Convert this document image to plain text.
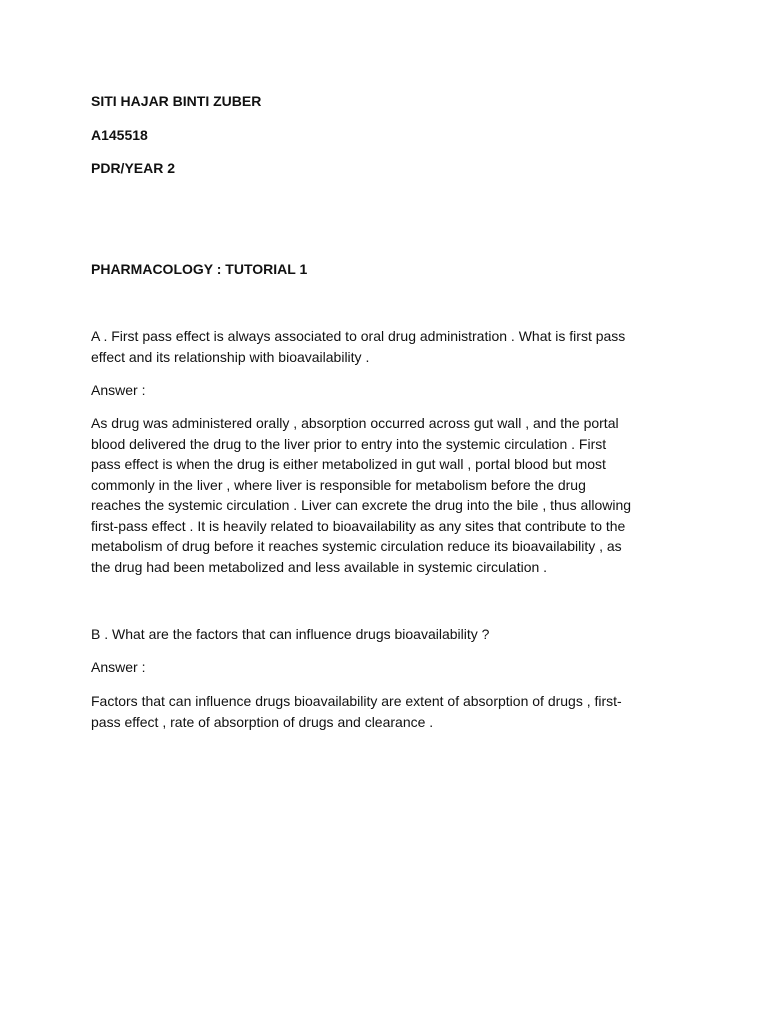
SITI HAJAR BINTI ZUBER

A145518

PDR/YEAR 2

PHARMACOLOGY : TUTORIAL 1

A . First pass effect is always associated to oral drug administration . What is first pass
effect and its relationship with bioavailability .

Answer :

As drug was administered orally , absorption occurred across gut wall , and the portal
blood delivered the drug to the liver prior to entry into the systemic circulation . First
pass effect is when the drug is either metabolized in gut wall , portal blood but most
commonly in the liver , where liver is responsible for metabolism before the drug
reaches the systemic circulation . Liver can excrete the drug into the bile , thus allowing
first-pass effect . It is heavily related to bioavailability as any sites that contribute to the
metabolism of drug before it reaches systemic circulation reduce its bioavailability , as
the drug had been metabolized and less available in systemic circulation .

B . What are the factors that can influence drugs bioavailability ?

Answer :

Factors that can influence drugs bioavailability are extent of absorption of drugs , first-
pass effect , rate of absorption of drugs and clearance .
